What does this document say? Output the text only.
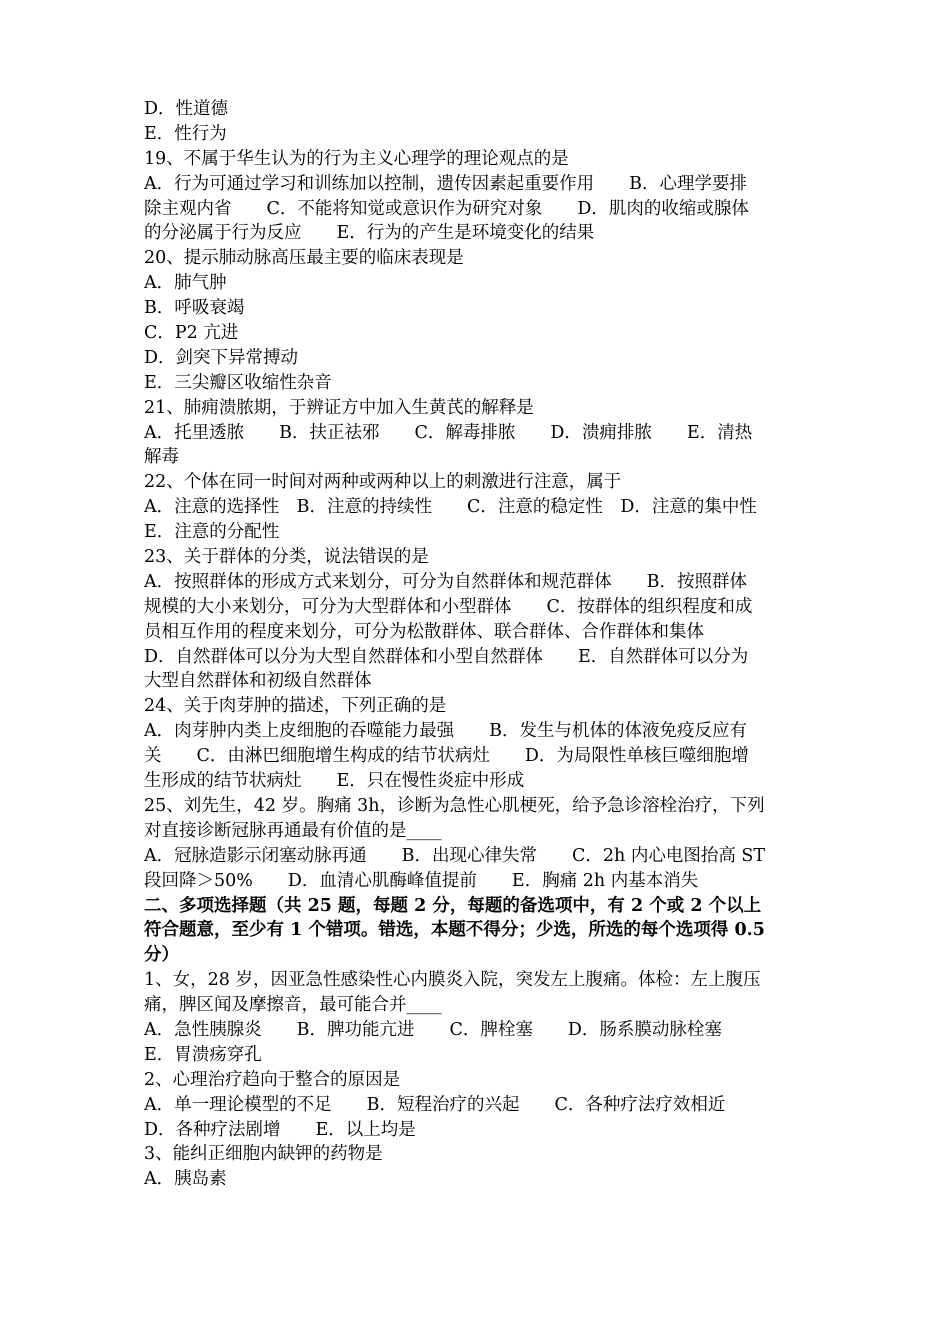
D．性道德
E．性行为
19、不属于华生认为的行为主义心理学的理论观点的是
A．行为可通过学习和训练加以控制，遗传因素起重要作用　　B．心理学要排
除主观内省　　C．不能将知觉或意识作为研究对象　　D．肌肉的收缩或腺体
的分泌属于行为反应　　E．行为的产生是环境变化的结果
20、提示肺动脉高压最主要的临床表现是
A．肺气肿
B．呼吸衰竭
C．P2 亢进
D．剑突下异常搏动
E．三尖瓣区收缩性杂音
21、肺痈溃脓期，于辨证方中加入生黄芪的解释是
A．托里透脓　　B．扶正祛邪　　C．解毒排脓　　D．溃痈排脓　　E．清热
解毒
22、个体在同一时间对两种或两种以上的刺激进行注意，属于
A．注意的选择性　B．注意的持续性　　C．注意的稳定性　D．注意的集中性
E．注意的分配性
23、关于群体的分类，说法错误的是
A．按照群体的形成方式来划分，可分为自然群体和规范群体　　B．按照群体
规模的大小来划分，可分为大型群体和小型群体　　C．按群体的组织程度和成
员相互作用的程度来划分，可分为松散群体、联合群体、合作群体和集体
D．自然群体可以分为大型自然群体和小型自然群体　　E．自然群体可以分为
大型自然群体和初级自然群体
24、关于肉芽肿的描述，下列正确的是
A．肉芽肿内类上皮细胞的吞噬能力最强　　B．发生与机体的体液免疫反应有
关　　C．由淋巴细胞增生构成的结节状病灶　　D．为局限性单核巨噬细胞增
生形成的结节状病灶　　E．只在慢性炎症中形成
25、刘先生，42 岁。胸痛 3h，诊断为急性心肌梗死，给予急诊溶栓治疗，下列
对直接诊断冠脉再通最有价值的是____
A．冠脉造影示闭塞动脉再通　　B．出现心律失常　　C．2h 内心电图抬高 ST
段回降＞50%　　D．血清心肌酶峰值提前　　E．胸痛 2h 内基本消失
二、多项选择题（共 25 题，每题 2 分，每题的备选项中，有 2 个或 2 个以上
符合题意，至少有 1 个错项。错选，本题不得分；少选，所选的每个选项得 0.5
分）
1、女，28 岁，因亚急性感染性心内膜炎入院，突发左上腹痛。体检：左上腹压
痛，脾区闻及摩擦音，最可能合并____
A．急性胰腺炎　　B．脾功能亢进　　C．脾栓塞　　D．肠系膜动脉栓塞
E．胃溃疡穿孔
2、心理治疗趋向于整合的原因是
A．单一理论模型的不足　　B．短程治疗的兴起　　C．各种疗法疗效相近
D．各种疗法剧增　　E．以上均是
3、能纠正细胞内缺钾的药物是
A．胰岛素
